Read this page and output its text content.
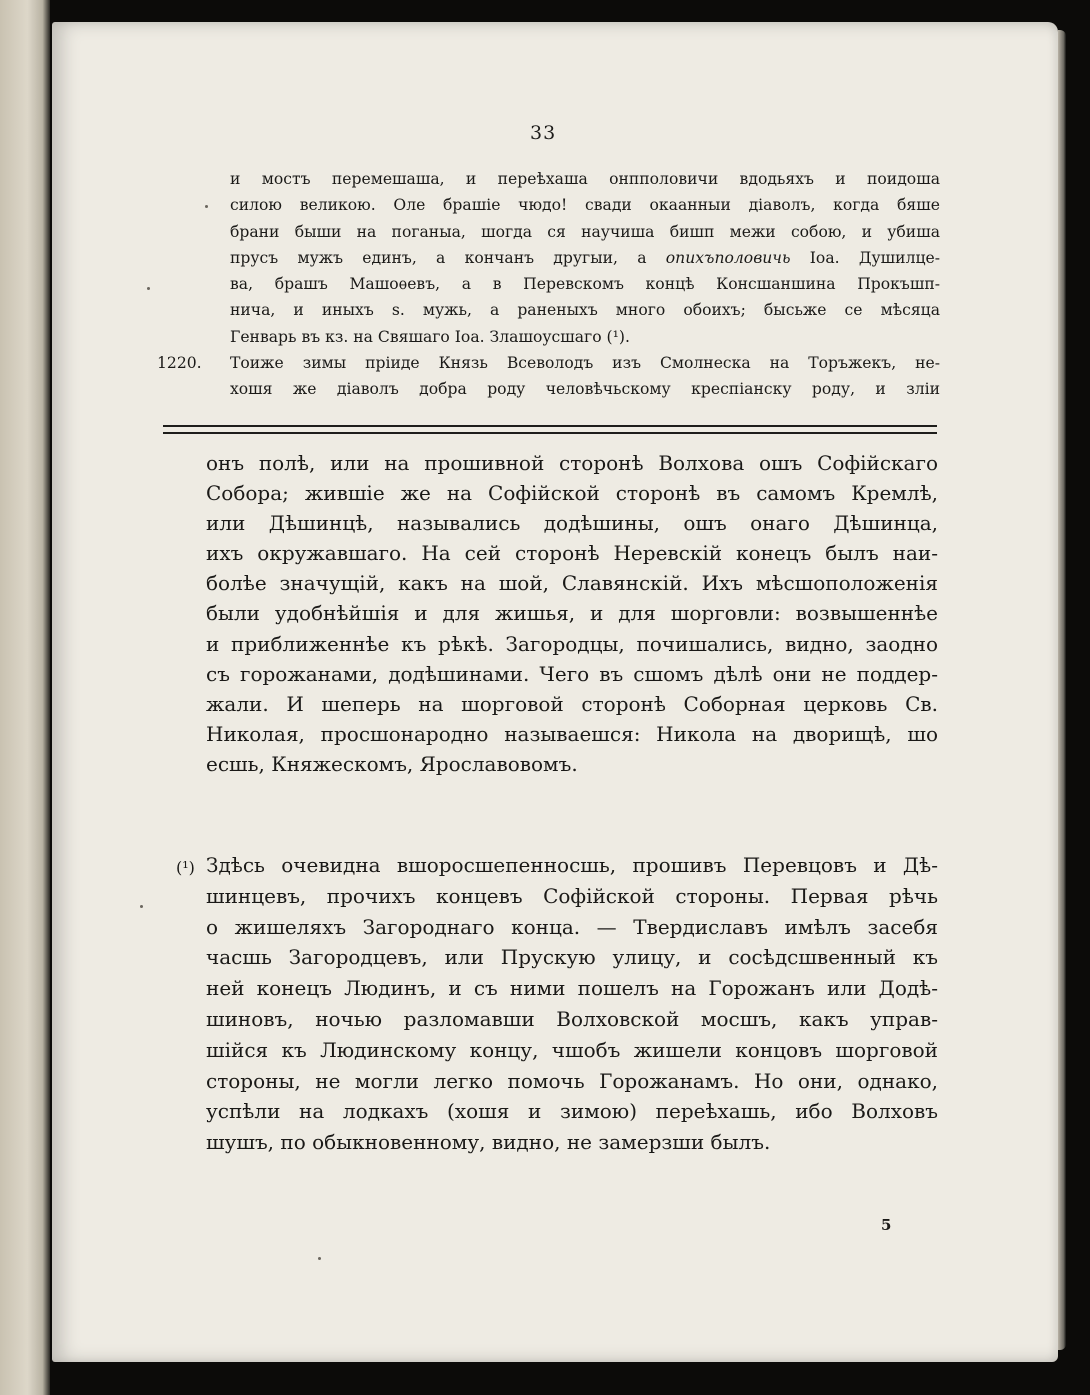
33
и мостъ перемешаша, и переѣхаша онпполовичи вдодьяхъ и поидоша
силою великою. Оле брашiе чюдо! свади окаанныи дiаволъ, когда бяше
брани быши на поганыа, шогда ся научиша бишп межи собою, и убиша
прусъ мужъ единъ, а кончанъ другыи, а опихъполовичь Іоа. Душилце-
ва, брашъ Машоѳевъ, а в Перевскомъ концѣ Консшаншина Прокъшп-
нича, и иныхъ s. мужь, а раненыхъ много обоихъ; бысьже се мѣсяца
Генварь въ кз. на Свяшаго Іоа. Злашоусшаго (¹).
Тоиже зимы прiиде Князь Всеволодъ изъ Смолнеска на Торъжекъ, не-
хошя же дiаволъ добра роду человѣчьскому креспiанску роду, и злiи
1220.
онъ полѣ, или на прошивной сторонѣ Волхова ошъ Софiйскаго
Собора; жившiе же на Софiйской сторонѣ въ самомъ Кремлѣ,
или Дѣшинцѣ, назывались додѣшины, ошъ онаго Дѣшинца,
ихъ окружавшаго. На сей сторонѣ Неревскiй конецъ былъ наи-
болѣе значущiй, какъ на шой, Славянскiй. Ихъ мѣсшоположенiя
были удобнѣйшiя и для жишья, и для шорговли: возвышеннѣе
и приближеннѣе къ рѣкѣ. Загородцы, почишались, видно, заодно
съ горожанами, додѣшинами. Чего въ сшомъ дѣлѣ они не поддер-
жали. И шеперь на шорговой сторонѣ Соборная церковь Св.
Николая, просшонародно называешся: Никола на дворищѣ, шо
есшь, Княжескомъ, Ярославовомъ.
(¹) Здѣсь очевидна вшоросшепенносшь, прошивъ Перевцовъ и Дѣ-
шинцевъ, прочихъ концевъ Софiйской стороны. Первая рѣчь
о жишеляхъ Загороднаго конца. — Твердиславъ имѣлъ засебя
часшь Загородцевъ, или Прускую улицу, и сосѣдсшвенный къ
ней конецъ Людинъ, и съ ними пошелъ на Горожанъ или Додѣ-
шиновъ, ночью разломавши Волховской мосшъ, какъ управ-
шiйся къ Людинскому концу, чшобъ жишели концовъ шорговой
стороны, не могли легко помочь Горожанамъ. Но они, однако,
успѣли на лодкахъ (хошя и зимою) переѣхашь, ибо Волховъ
шушъ, по обыкновенному, видно, не замерзши былъ.
5
